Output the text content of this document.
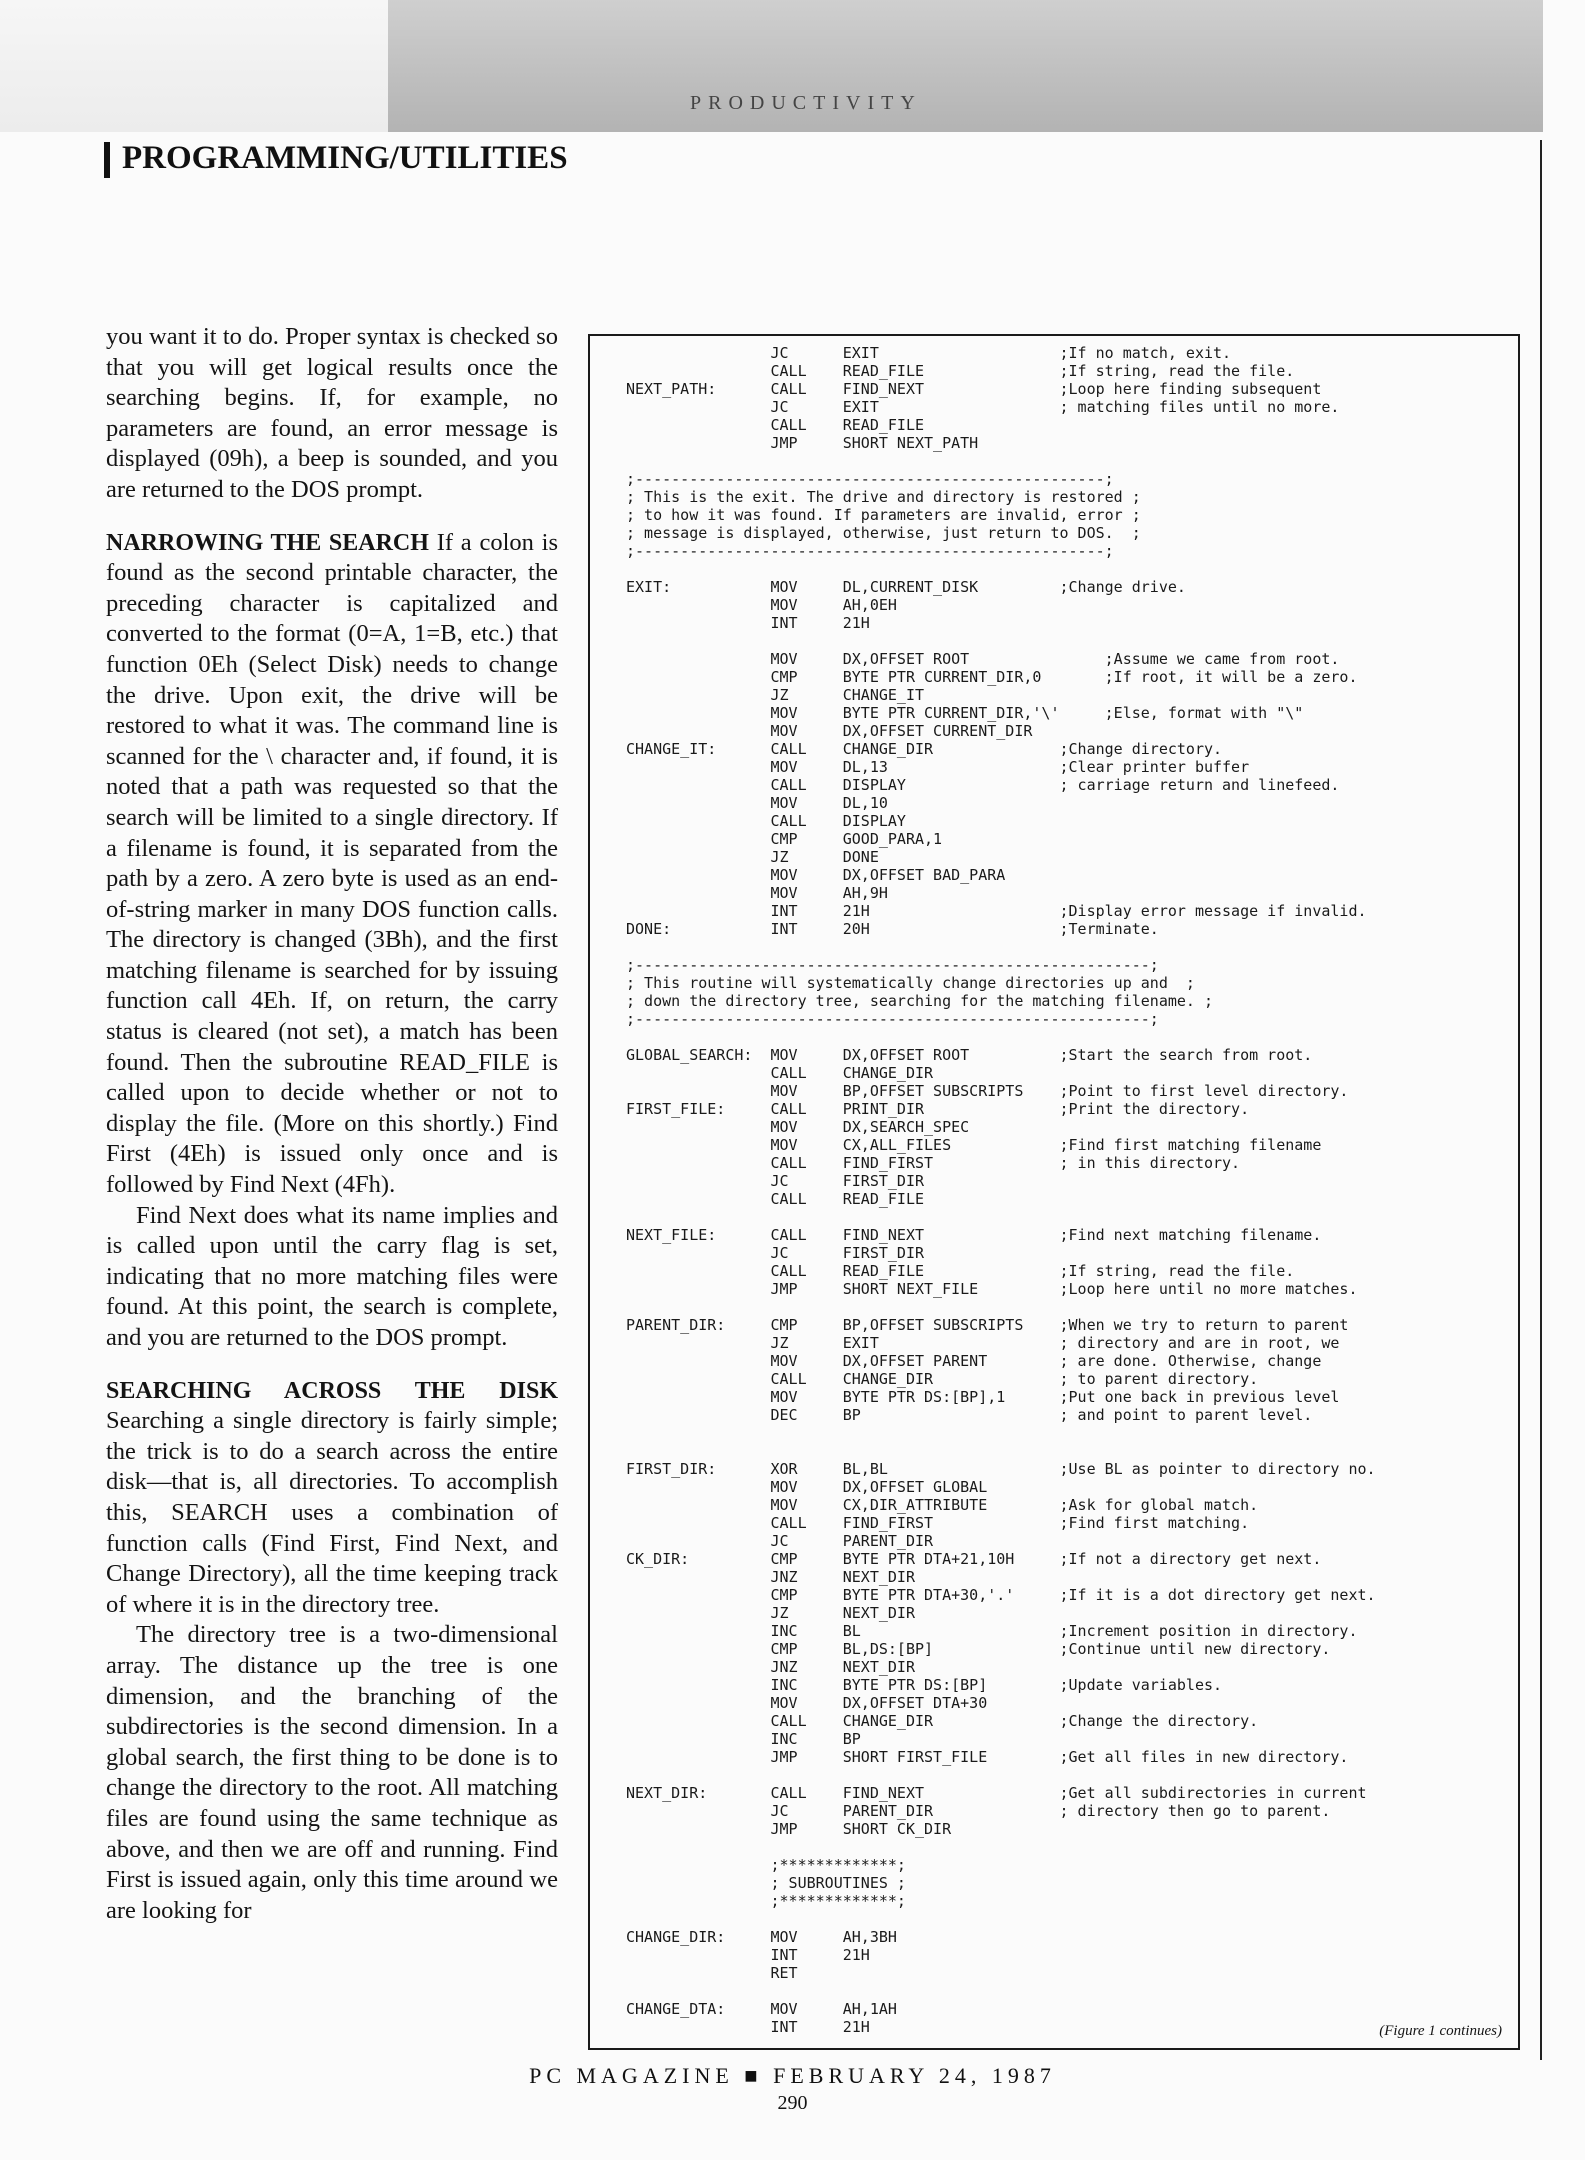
PRODUCTIVITY
PROGRAMMING/UTILITIES

you want it to do. Proper syntax is checked so that you will get logical results once the searching begins. If, for example, no parameters are found, an error message is displayed (09h), a beep is sounded, and you are returned to the DOS prompt.

NARROWING THE SEARCH If a colon is found as the second printable character, the preceding character is capitalized and converted to the format (0=A, 1=B, etc.) that function 0Eh (Select Disk) needs to change the drive. Upon exit, the drive will be restored to what it was. The command line is scanned for the \ character and, if found, it is noted that a path was requested so that the search will be limited to a single directory. If a filename is found, it is separated from the path by a zero. A zero byte is used as an end-of-string marker in many DOS function calls. The directory is changed (3Bh), and the first matching filename is searched for by issuing function call 4Eh. If, on return, the carry status is cleared (not set), a match has been found. Then the subroutine READ_FILE is called upon to decide whether or not to display the file. (More on this shortly.) Find First (4Eh) is issued only once and is followed by Find Next (4Fh).

Find Next does what its name implies and is called upon until the carry flag is set, indicating that no more matching files were found. At this point, the search is complete, and you are returned to the DOS prompt.

SEARCHING ACROSS THE DISK Searching a single directory is fairly simple; the trick is to do a search across the entire disk—that is, all directories. To accomplish this, SEARCH uses a combination of function calls (Find First, Find Next, and Change Directory), all the time keeping track of where it is in the directory tree.

The directory tree is a two-dimensional array. The distance up the tree is one dimension, and the branching of the subdirectories is the second dimension. In a global search, the first thing to be done is to change the directory to the root. All matching files are found using the same technique as above, and then we are off and running. Find First is issued again, only this time around we are looking for

JC      EXIT                    ;If no match, exit.
CALL    READ_FILE               ;If string, read the file.
NEXT_PATH:      CALL    FIND_NEXT               ;Loop here finding subsequent
JC      EXIT                    ; matching files until no more.
CALL    READ_FILE
JMP     SHORT NEXT_PATH

;----------------------------------------------------;
; This is the exit. The drive and directory is restored ;
; to how it was found. If parameters are invalid, error ;
; message is displayed, otherwise, just return to DOS.  ;
;----------------------------------------------------;

EXIT:           MOV     DL,CURRENT_DISK         ;Change drive.
MOV     AH,0EH
INT     21H

MOV     DX,OFFSET ROOT               ;Assume we came from root.
CMP     BYTE PTR CURRENT_DIR,0       ;If root, it will be a zero.
JZ      CHANGE_IT
MOV     BYTE PTR CURRENT_DIR,'\'     ;Else, format with "\"
MOV     DX,OFFSET CURRENT_DIR
CHANGE_IT:      CALL    CHANGE_DIR              ;Change directory.
MOV     DL,13                   ;Clear printer buffer
CALL    DISPLAY                 ; carriage return and linefeed.
MOV     DL,10
CALL    DISPLAY
CMP     GOOD_PARA,1
JZ      DONE
MOV     DX,OFFSET BAD_PARA
MOV     AH,9H
INT     21H                     ;Display error message if invalid.
DONE:           INT     20H                     ;Terminate.

;---------------------------------------------------------;
; This routine will systematically change directories up and  ;
; down the directory tree, searching for the matching filename. ;
;---------------------------------------------------------;

GLOBAL_SEARCH:  MOV     DX,OFFSET ROOT          ;Start the search from root.
CALL    CHANGE_DIR
MOV     BP,OFFSET SUBSCRIPTS    ;Point to first level directory.
FIRST_FILE:     CALL    PRINT_DIR               ;Print the directory.
MOV     DX,SEARCH_SPEC
MOV     CX,ALL_FILES            ;Find first matching filename
CALL    FIND_FIRST              ; in this directory.
JC      FIRST_DIR
CALL    READ_FILE

NEXT_FILE:      CALL    FIND_NEXT               ;Find next matching filename.
JC      FIRST_DIR
CALL    READ_FILE               ;If string, read the file.
JMP     SHORT NEXT_FILE         ;Loop here until no more matches.

PARENT_DIR:     CMP     BP,OFFSET SUBSCRIPTS    ;When we try to return to parent
JZ      EXIT                    ; directory and are in root, we
MOV     DX,OFFSET PARENT        ; are done. Otherwise, change
CALL    CHANGE_DIR              ; to parent directory.
MOV     BYTE PTR DS:[BP],1      ;Put one back in previous level
DEC     BP                      ; and point to parent level.

FIRST_DIR:      XOR     BL,BL                   ;Use BL as pointer to directory no.
MOV     DX,OFFSET GLOBAL
MOV     CX,DIR_ATTRIBUTE        ;Ask for global match.
CALL    FIND_FIRST              ;Find first matching.
JC      PARENT_DIR
CK_DIR:         CMP     BYTE PTR DTA+21,10H     ;If not a directory get next.
JNZ     NEXT_DIR
CMP     BYTE PTR DTA+30,'.'     ;If it is a dot directory get next.
JZ      NEXT_DIR
INC     BL                      ;Increment position in directory.
CMP     BL,DS:[BP]              ;Continue until new directory.
JNZ     NEXT_DIR
INC     BYTE PTR DS:[BP]        ;Update variables.
MOV     DX,OFFSET DTA+30
CALL    CHANGE_DIR              ;Change the directory.
INC     BP
JMP     SHORT FIRST_FILE        ;Get all files in new directory.

NEXT_DIR:       CALL    FIND_NEXT               ;Get all subdirectories in current
JC      PARENT_DIR              ; directory then go to parent.
JMP     SHORT CK_DIR

;*************;
; SUBROUTINES ;
;*************;

CHANGE_DIR:     MOV     AH,3BH
INT     21H
RET

CHANGE_DTA:     MOV     AH,1AH
INT     21H	(Figure 1 continues)
PC MAGAZINE ■ FEBRUARY 24, 1987
290
